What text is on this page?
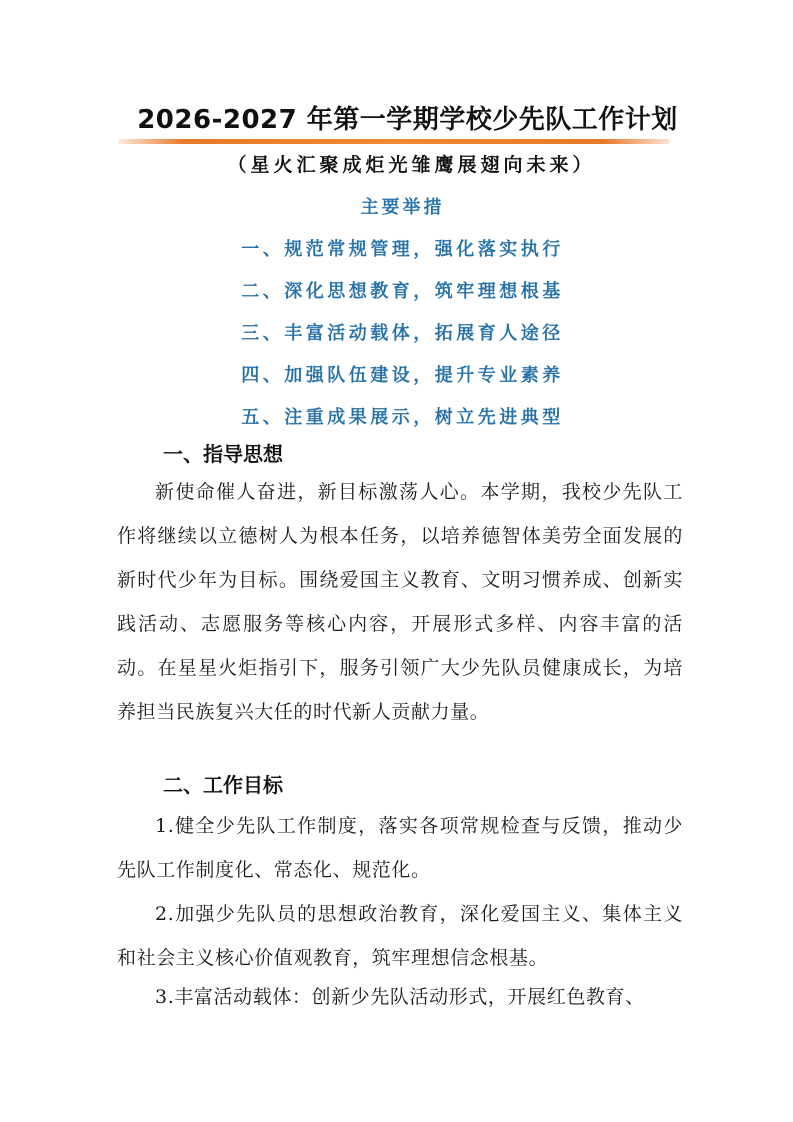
2026-2027 年第一学期学校少先队工作计划
（星火汇聚成炬光雏鹰展翅向未来）
主要举措
一、规范常规管理，强化落实执行
二、深化思想教育，筑牢理想根基
三、丰富活动载体，拓展育人途径
四、加强队伍建设，提升专业素养
五、注重成果展示，树立先进典型
一、指导思想
新使命催人奋进，新目标激荡人心。本学期，我校少先队工作将继续以立德树人为根本任务，以培养德智体美劳全面发展的新时代少年为目标。围绕爱国主义教育、文明习惯养成、创新实践活动、志愿服务等核心内容，开展形式多样、内容丰富的活动。在星星火炬指引下，服务引领广大少先队员健康成长，为培养担当民族复兴大任的时代新人贡献力量。
二、工作目标
1.健全少先队工作制度，落实各项常规检查与反馈，推动少先队工作制度化、常态化、规范化。
2.加强少先队员的思想政治教育，深化爱国主义、集体主义和社会主义核心价值观教育，筑牢理想信念根基。
3.丰富活动载体：创新少先队活动形式，开展红色教育、
